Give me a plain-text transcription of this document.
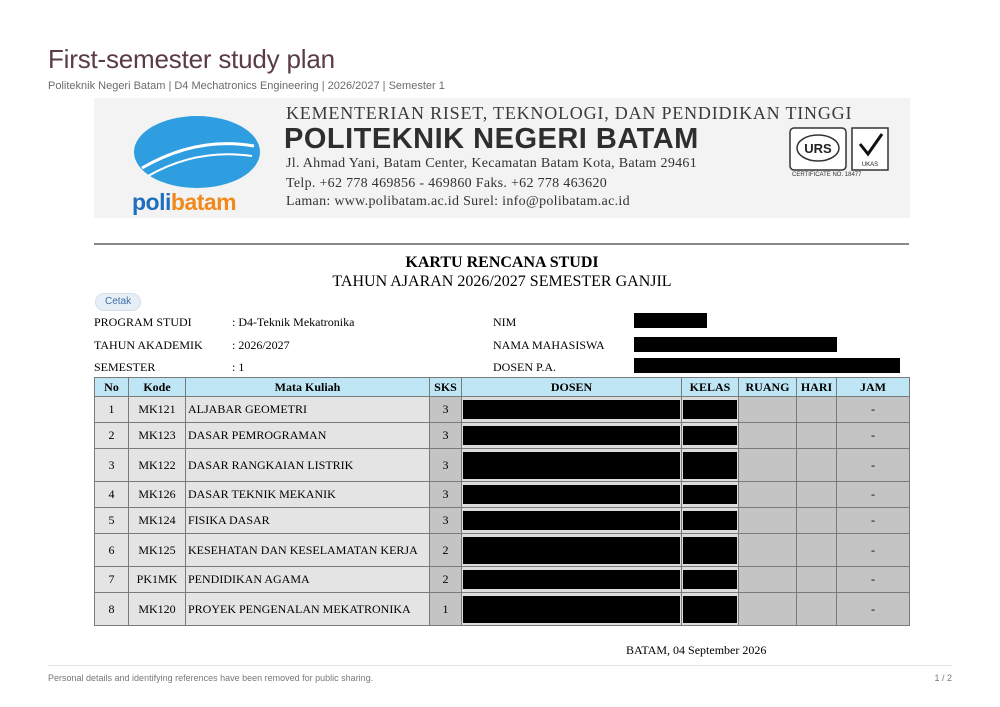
First-semester study plan
Politeknik Negeri Batam | D4 Mechatronics Engineering | 2026/2027 | Semester 1
polibatam
KEMENTERIAN RISET, TEKNOLOGI, DAN PENDIDIKAN TINGGI
POLITEKNIK NEGERI BATAM
Jl. Ahmad Yani, Batam Center, Kecamatan Batam Kota, Batam 29461
Telp. +62 778 469856 - 469860 Faks. +62 778 463620
Laman: www.polibatam.ac.id Surel: info@polibatam.ac.id
URS
UKAS
CERTIFICATE NO. 18477
KARTU RENCANA STUDI
TAHUN AJARAN 2026/2027 SEMESTER GANJIL
Cetak
PROGRAM STUDI	: D4-Teknik Mekatronika
TAHUN AKADEMIK : 2026/2027
SEMESTER	: 1
NIM
NAMA MAHASISWA
DOSEN P.A.
No	Kode	Mata Kuliah	SKS	DOSEN	KELAS	RUANG	HARI	JAM
1	MK121	ALJABAR GEOMETRI	3					-
2	MK123	DASAR PEMROGRAMAN	3					-
3	MK122	DASAR RANGKAIAN LISTRIK	3					-
4	MK126	DASAR TEKNIK MEKANIK	3					-
5	MK124	FISIKA DASAR	3					-
6	MK125	KESEHATAN DAN KESELAMATAN KERJA	2					-
7	PK1MK	PENDIDIKAN AGAMA	2					-
8	MK120	PROYEK PENGENALAN MEKATRONIKA	1					-
BATAM, 04 September 2026
Personal details and identifying references have been removed for public sharing.	1 / 2
